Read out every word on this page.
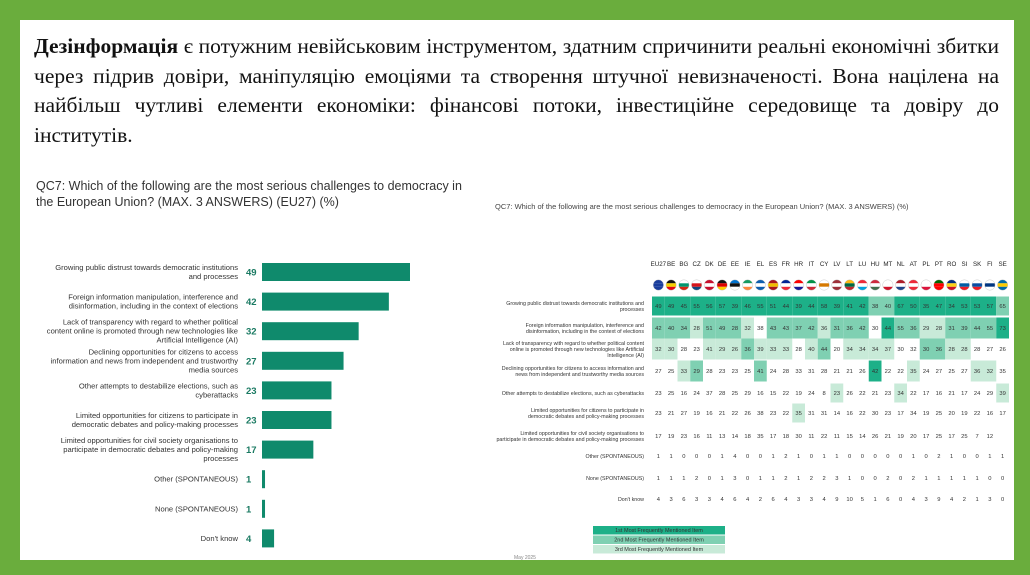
Дезінформація є потужним невійськовим інструментом, здатним спричинити реальні економічні збитки через підрив довіри, маніпуляцію емоціями та створення штучної невизначеності. Вона націлена на найбільш чутливі елементи економіки: фінансові потоки, інвестиційне середовище та довіру до інститутів.
QC7: Which of the following are the most serious challenges to democracy in the European Union? (MAX. 3 ANSWERS) (EU27) (%)
Growing public distrust towards democratic institutions and processes 49
Foreign information manipulation, interference and disinformation, including in the context of elections 42
Lack of transparency with regard to whether political content online is promoted through new technologies like Artificial Intelligence (AI)
32
Declining opportunities for citizens to access information and news from independent and trustworthy media sources
27
Other attempts to destabilize elections, such as cyberattacks 23
Limited opportunities for citizens to participate in democratic debates and policy-making processes 23
Limited opportunities for civil society organisations to participate in democratic debates and policy-making processes
17
Other (SPONTANEOUS) 1
None (SPONTANEOUS) 1
Don't know 4
QC7: Which of the following are the most serious challenges to democracy in the European Union? (MAX. 3 ANSWERS) (%)
EU27 BE BG CZ DK DE EE IE EL ES FR HR IT CY LV LT LU HU MT NL AT PL PT RO SI SK FI SE
Growing public distrust towards democratic institutions and processes
49 49 45 55 56 57 39 46 55 51 44 39 44 58 39 41 42 38 40 67 50 35 47 34 53 53 57 65
Foreign information manipulation, interference and disinformation, including in the context of elections
42 40 34 28 51 49 28 32 38 43 43 37 42 36 31 36 42 30 44 55 36 29 28 31 39 44 55 73
Lack of transparency with regard to whether political content online is promoted through new technologies like Artificial Intelligence (AI)
32 30 28 23 41 29 26 36 39 33 33 28 40 44 20 34 34 34 37 30 32 30 36 28 28 28 27 26
Declining opportunities for citizens to access information and news from independent and trustworthy media sources
27 25 33 29 28 23 23 25 41 24 28 33 31 28 21 21 26 42 22 22 35 24 27 25 27 36 32 35
Other attempts to destabilize elections, such as cyberattacks 23 25 16 24 37 28 25 29 16 15 22 19 24 8 23 26 22 21 23 34 22 17 16 21 17 24 29 39
Limited opportunities for citizens to participate in democratic debates and policy-making processes
23 21 27 19 16 21 22 26 38 23 22 35 31 31 14 16 22 30 23 17 34 19 25 20 19 22 16 17
Limited opportunities for civil society organisations to participate in democratic debates and policy-making processes
17 19 23 16 11 13 14 18 35 17 18 30 11 22 11 15 14 26 21 19 20 17 25 17 25 7 12
Other (SPONTANEOUS) 1 1 0 0 0 1 4 0 0 1 2 1 0 1 1 0 0 0 0 0 1 0 2 1 0 0 1 1
None (SPONTANEOUS) 1 1 1 2 0 1 3 0 1 1 2 1 2 2 3 1 0 0 2 0 2 1 1 1 1 1 0 0
Don't know 4 3 6 3 3 4 6 4 2 6 4 3 3 4 9 10 5 1 6 0 4 3 9 4 2 1 3 0
1st Most Frequently Mentioned Item
2nd Most Frequently Mentioned Item
3rd Most Frequently Mentioned Item
May 2025
